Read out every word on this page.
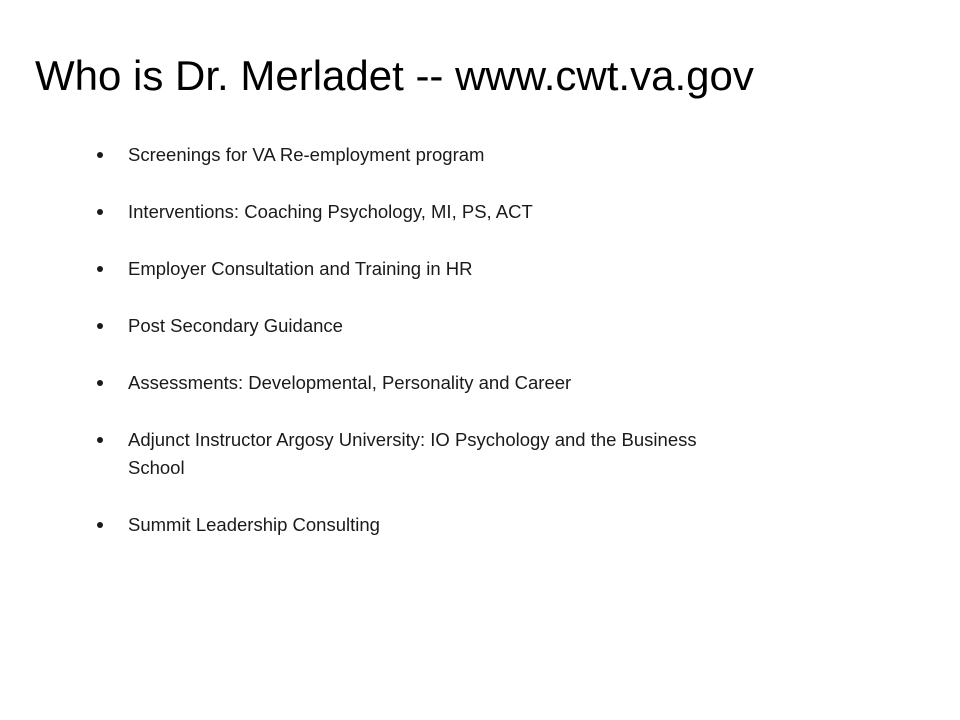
Who is Dr. Merladet -- www.cwt.va.gov
Screenings for VA Re-employment program
Interventions: Coaching Psychology, MI, PS, ACT
Employer Consultation and Training in HR
Post Secondary Guidance
Assessments: Developmental, Personality and Career
Adjunct Instructor Argosy University: IO Psychology and the Business School
Summit Leadership Consulting
